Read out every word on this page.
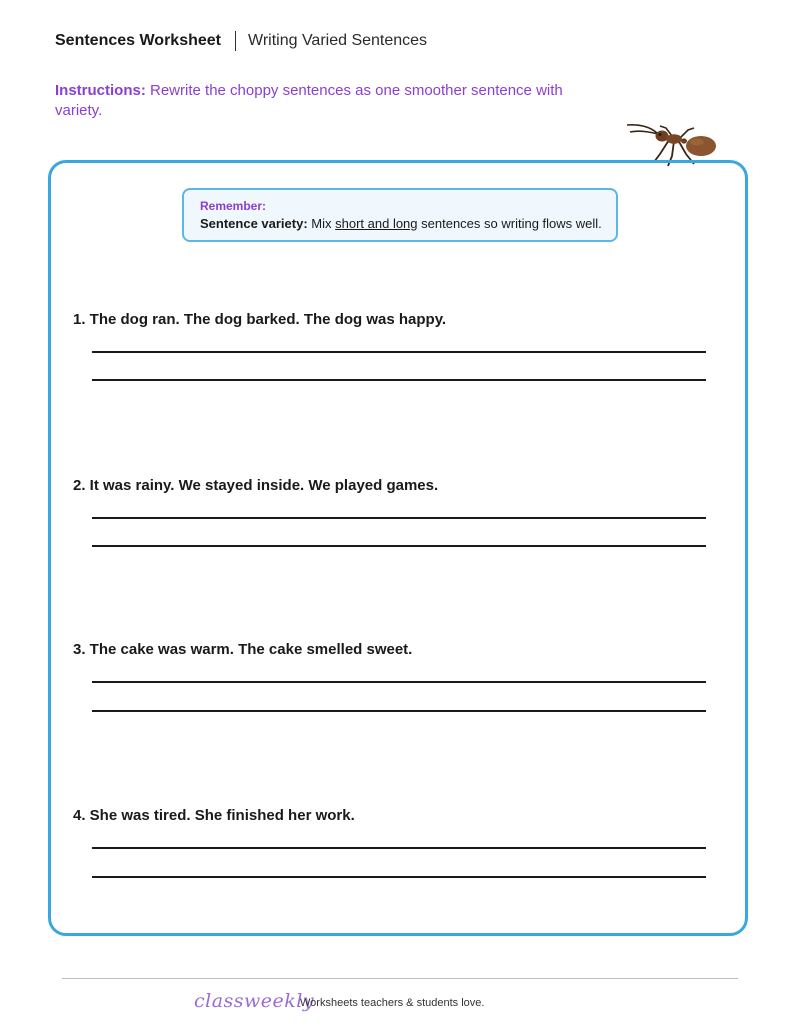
Sentences Worksheet Writing Varied Sentences
Instructions: Rewrite the choppy sentences as one smoother sentence with variety.
Remember:
Sentence variety: Mix short and long sentences so writing flows well.
1. The dog ran. The dog barked. The dog was happy.
2. It was rainy. We stayed inside. We played games.
3. The cake was warm. The cake smelled sweet.
4. She was tired. She finished her work.
classweekly
Worksheets teachers & students love.
